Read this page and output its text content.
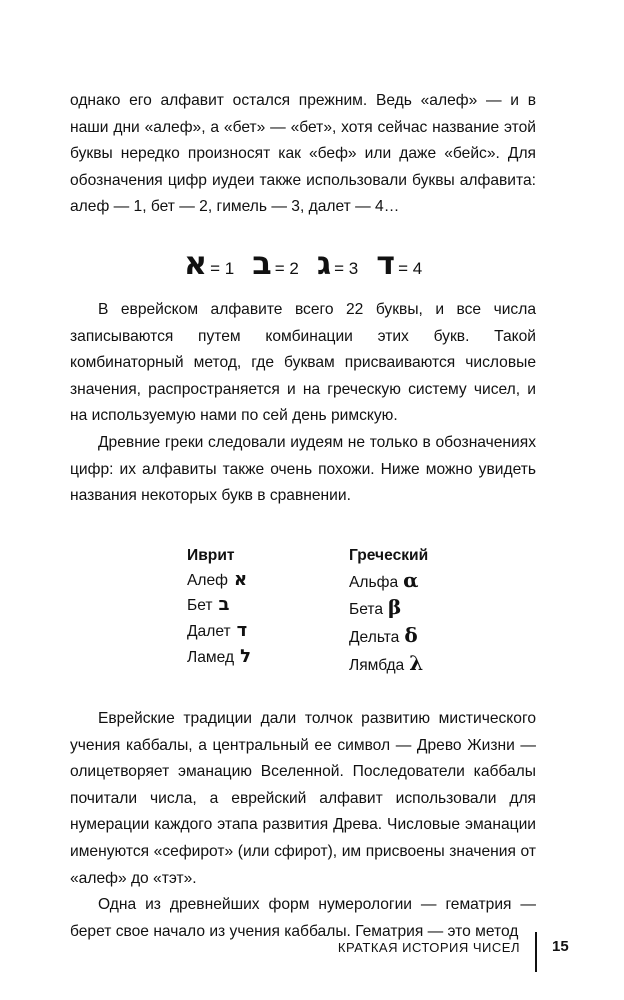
однако его алфавит остался прежним. Ведь «алеф» — и в наши дни «алеф», а «бет» — «бет», хотя сейчас название этой буквы нередко произносят как «беф» или даже «бейс». Для обозначения цифр иудеи также использовали буквы алфавита: алеф — 1, бет — 2, гимель — 3, далет — 4…

א = 1 ב = 2 ג = 3 ד = 4

В еврейском алфавите всего 22 буквы, и все числа записываются путем комбинации этих букв. Такой комбинаторный метод, где буквам присваиваются числовые значения, распространяется и на греческую систему чисел, и на используемую нами по сей день римскую.

Древние греки следовали иудеям не только в обозначениях цифр: их алфавиты также очень похожи. Ниже можно увидеть названия некоторых букв в сравнении.

Иврит
Алеф א
Бет ב
Далет ד
Ламед ל
Греческий
Альфа α
Бета β
Дельта δ
Лямбда λ

Еврейские традиции дали толчок развитию мистического учения каббалы, а центральный ее символ — Древо Жизни — олицетворяет эманацию Вселенной. Последователи каббалы почитали числа, а еврейский алфавит использовали для нумерации каждого этапа развития Древа. Числовые эманации именуются «сефирот» (или сфирот), им присвоены значения от «алеф» до «тэт».

Одна из древнейших форм нумерологии — гематрия — берет свое начало из учения каббалы. Гематрия — это метод

КРАТКАЯ ИСТОРИЯ ЧИСЕЛ 15
